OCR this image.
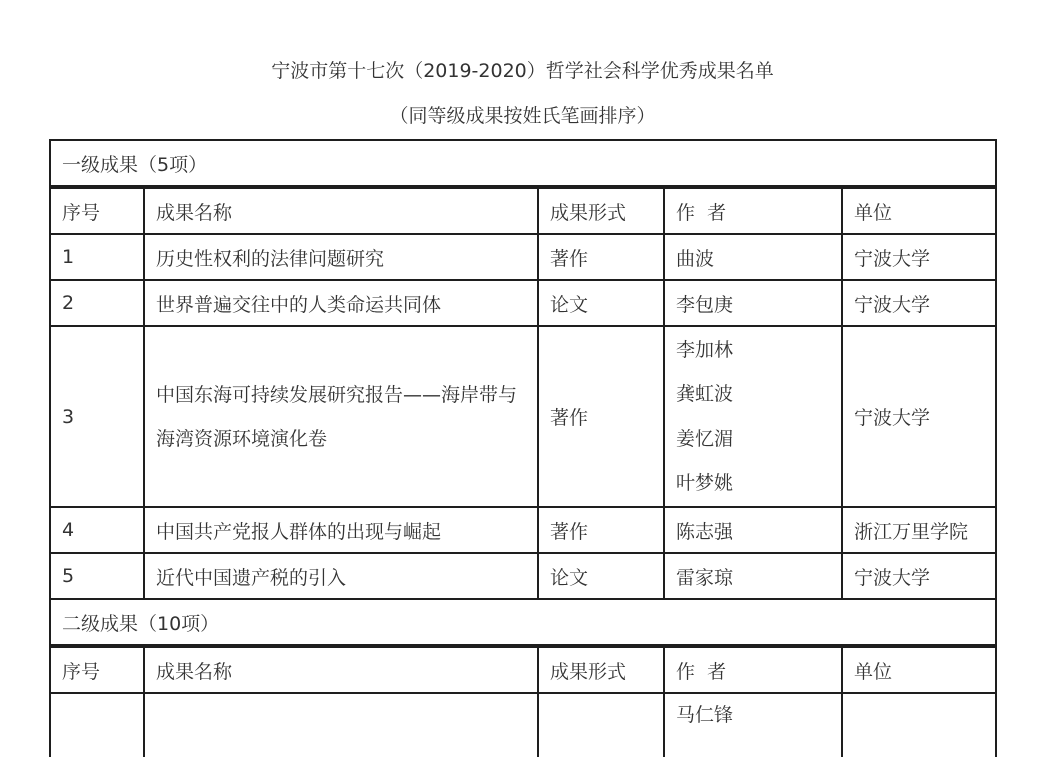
宁波市第十七次（2019-2020）哲学社会科学优秀成果名单
（同等级成果按姓氏笔画排序）
一级成果（5项）				
序号	成果名称	成果形式	作  者	单位
1	历史性权利的法律问题研究	著作	曲波	宁波大学
2	世界普遍交往中的人类命运共同体	论文	李包庚	宁波大学
3	中国东海可持续发展研究报告——海岸带与海湾资源环境演化卷	著作	李加林
龚虹波
姜忆湄
叶梦姚	宁波大学
4	中国共产党报人群体的出现与崛起	著作	陈志强	浙江万里学院
5	近代中国遗产税的引入	论文	雷家琼	宁波大学
二级成果（10项）				
序号	成果名称	成果形式	作  者	单位
			马仁锋	
